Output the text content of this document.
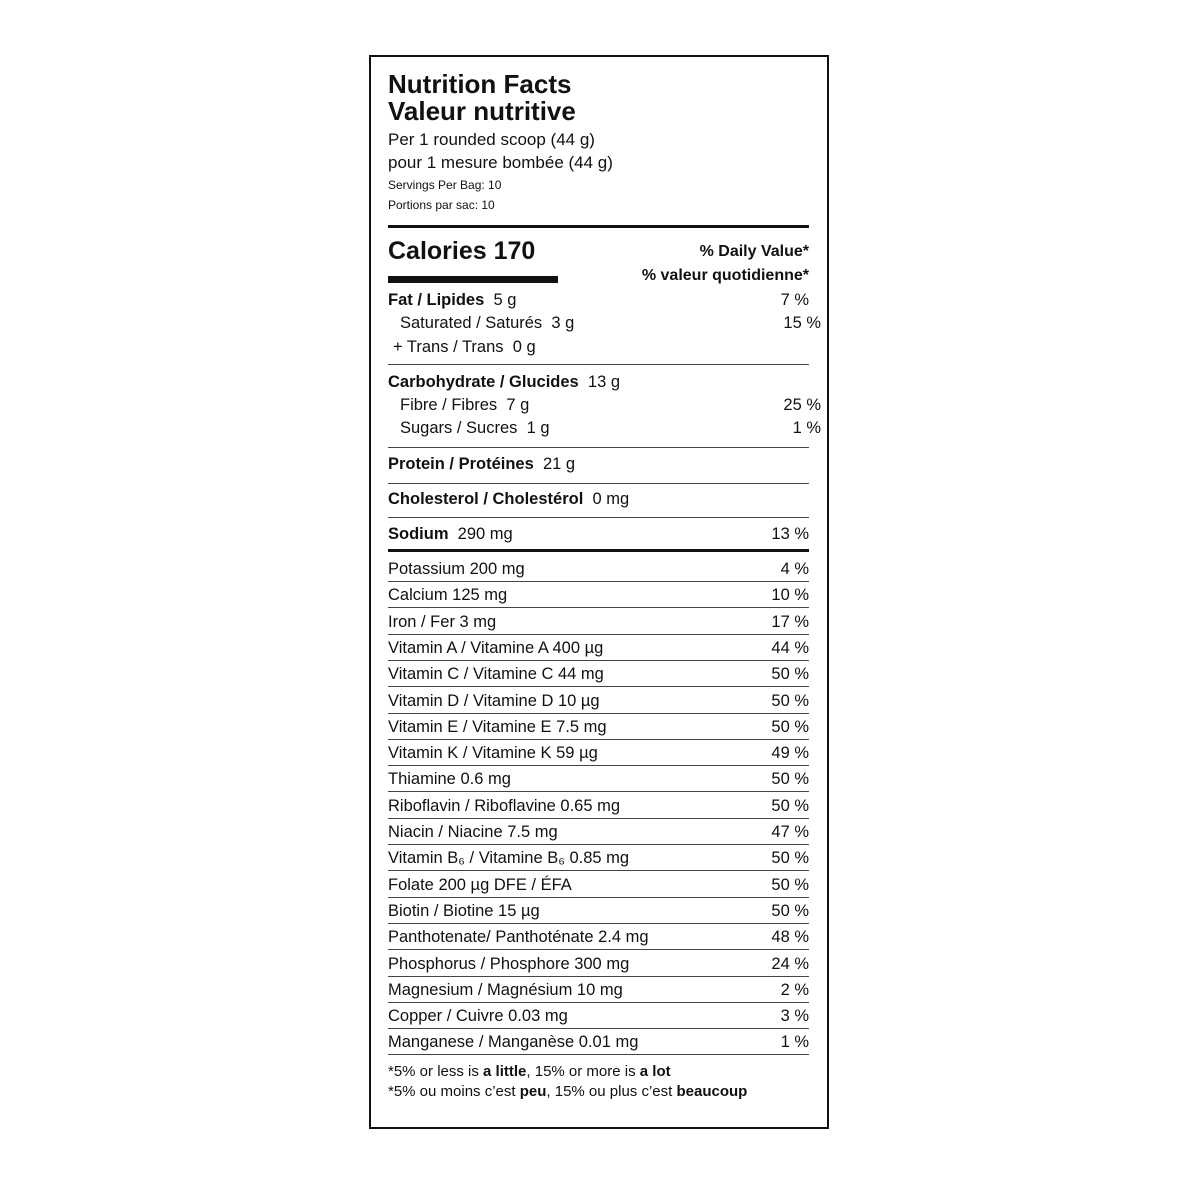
Nutrition Facts
Valeur nutritive
Per 1 rounded scoop (44 g)
pour 1 mesure bombée (44 g)
Servings Per Bag: 10
Portions par sac: 10
Calories 170	% Daily Value*
% valeur quotidienne*
Fat / Lipides 5 g	7 %
Saturated / Saturés 3 g	15 %
+ Trans / Trans 0 g
Carbohydrate / Glucides 13 g
Fibre / Fibres 7 g	25 %
Sugars / Sucres 1 g	1 %
Protein / Protéines 21 g
Cholesterol / Cholestérol 0 mg
Sodium 290 mg	13 %
Potassium 200 mg	4 %
Calcium 125 mg	10 %
Iron / Fer 3 mg	17 %
Vitamin A / Vitamine A 400 µg	44 %
Vitamin C / Vitamine C 44 mg	50 %
Vitamin D / Vitamine D 10 µg	50 %
Vitamin E / Vitamine E 7.5 mg	50 %
Vitamin K / Vitamine K 59 µg	49 %
Thiamine 0.6 mg	50 %
Riboflavin / Riboflavine 0.65 mg	50 %
Niacin / Niacine 7.5 mg	47 %
Vitamin B₆ / Vitamine B₆ 0.85 mg	50 %
Folate 200 µg DFE / ÉFA	50 %
Biotin / Biotine 15 µg	50 %
Panthotenate/ Panthoténate 2.4 mg	48 %
Phosphorus / Phosphore 300 mg	24 %
Magnesium / Magnésium 10 mg	2 %
Copper / Cuivre 0.03 mg	3 %
Manganese / Manganèse 0.01 mg	1 %
*5% or less is a little, 15% or more is a lot
*5% ou moins c’est peu, 15% ou plus c’est beaucoup
